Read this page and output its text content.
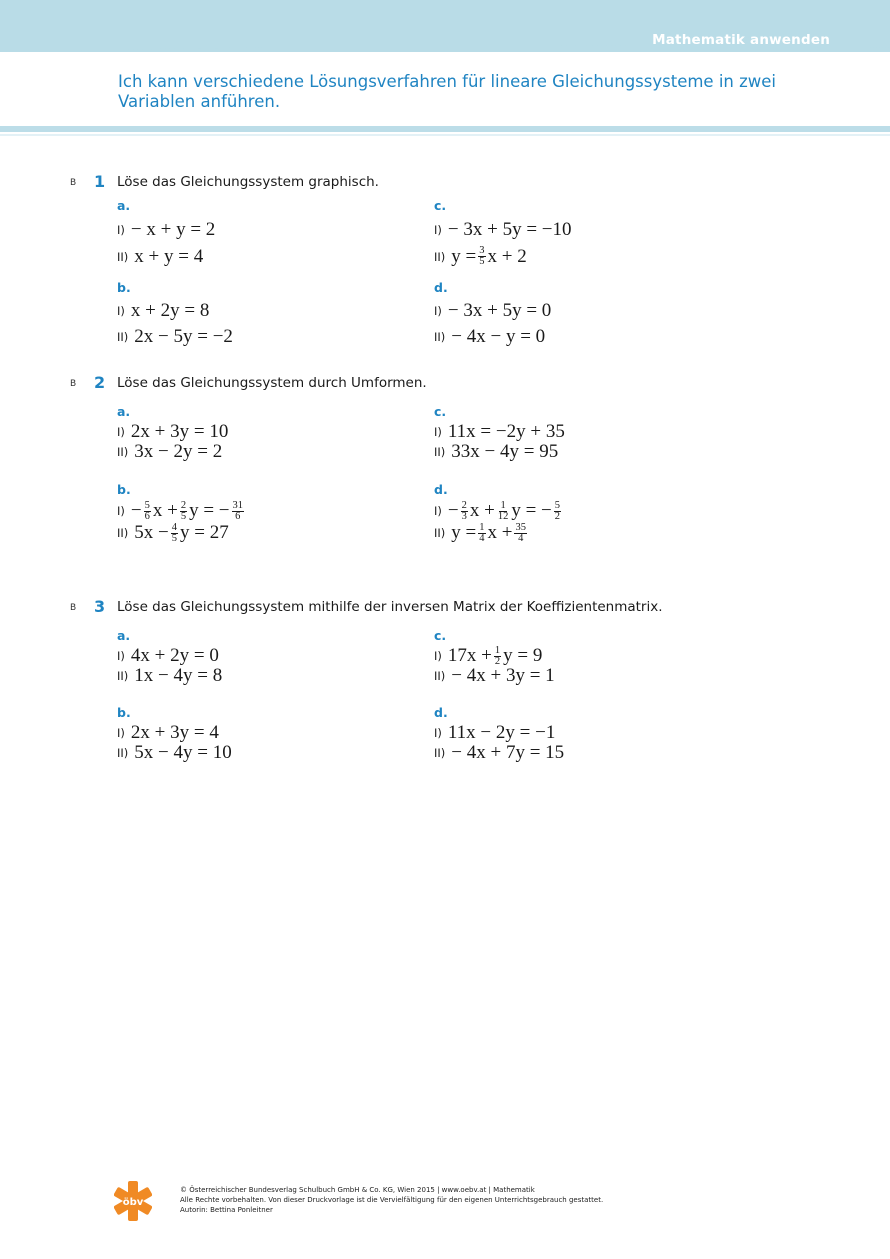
Mathematik anwenden
Ich kann verschiedene Lösungsverfahren für lineare Gleichungssysteme in zwei Variablen anführen.
B 1 Löse das Gleichungssystem graphisch.
a.
I) − x + y = 2
II) x + y = 4
c.
I) − 3x + 5y = −10
II) $y = \frac{3}{5}$ x + 2
b.
I) x + 2y = 8
II) 2x − 5y = −2
d.
I) − 3x + 5y = 0
II) − 4x − y = 0
B 2 Löse das Gleichungssystem durch Umformen.
a.
I) 2x + 3y = 10
II) 3x − 2y = 2
c.
I) 11x = −2y + 35
II) 33x − 4y = 95
b.
$I) - \frac{5}{6}$ $x + \frac{2}{5}$ y = − $\frac{31}{6}$
II) $5x - \frac{4}{5}$ y = 27
d.
$I) - \frac{2}{3}$ $x + \frac{1}{12}$ y = − $\frac{5}{2}$
II) $y = \frac{1}{4}$ $x + \frac{35}{4}$
B 3 Löse das Gleichungssystem mithilfe der inversen Matrix der Koeffizientenmatrix.
a.
I) 4x + 2y = 0
II) 1x − 4y = 8
c.
I) $17x + \frac{1}{2}$ y = 9
II) − 4x + 3y = 1
b.
I) 2x + 3y = 4
II) 5x − 4y = 10
d.
I) 11x − 2y = −1
II) − 4x + 7y = 15
öbv
© Österreichischer Bundesverlag Schulbuch GmbH & Co. KG, Wien 2015 | www.oebv.at | Mathematik
Alle Rechte vorbehalten. Von dieser Druckvorlage ist die Vervielfältigung für den eigenen Unterrichtsgebrauch gestattet.
Autorin: Bettina Ponleitner
